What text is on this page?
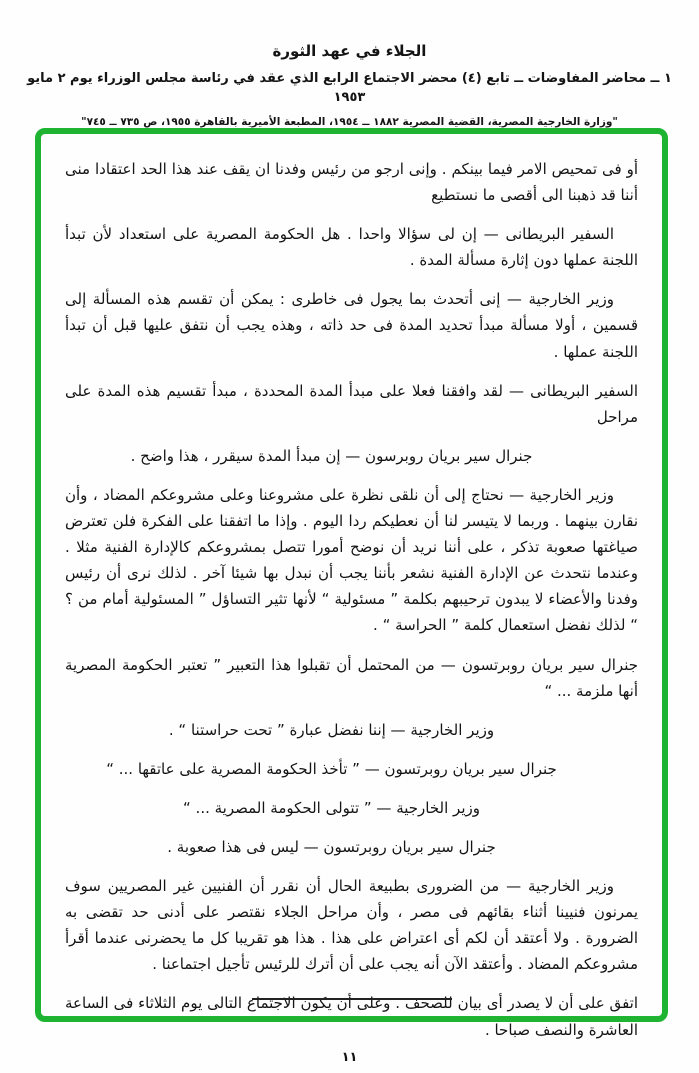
الجلاء في عهد الثورة
١ ــ محاضر المفاوضات ــ تابع (٤) محضر الاجتماع الرابع الذي عقد في رئاسة مجلس الوزراء يوم ٢ مايو ١٩٥٣
"وزارة الخارجية المصرية، القضية المصرية ١٨٨٢ ــ ١٩٥٤، المطبعة الأميرية بالقاهرة ١٩٥٥، ص ٧٣٥ ــ ٧٤٥"

أو فى تمحيص الامر فيما بينكم . وإنى ارجو من رئيس وفدنا ان يقف عند هذا الحد اعتقادا منى أننا قد ذهبنا الى أقصى ما نستطيع

السفير البريطانى — إن لى سؤالا واحدا . هل الحكومة المصرية على استعداد لأن تبدأ اللجنة عملها دون إثارة مسألة المدة .

وزير الخارجية — إنى أتحدث بما يجول فى خاطرى : يمكن أن تقسم هذه المسألة إلى قسمين ، أولا مسألة مبدأ تحديد المدة فى حد ذاته ، وهذه يجب أن نتفق عليها قبل أن تبدأ اللجنة عملها .

السفير البريطانى — لقد وافقنا فعلا على مبدأ المدة المحددة ، مبدأ تقسيم هذه المدة على مراحل

جنرال سير بريان روبرسون — إن مبدأ المدة سيقرر ، هذا واضح .

وزير الخارجية — نحتاج إلى أن نلقى نظرة على مشروعنا وعلى مشروعكم المضاد ، وأن نقارن بينهما . وربما لا يتيسر لنا أن نعطيكم ردا اليوم . وإذا ما اتفقنا على الفكرة فلن تعترض صياغتها صعوبة تذكر ، على أننا نريد أن نوضح أمورا تتصل بمشروعكم كالإدارة الفنية مثلا . وعندما نتحدث عن الإدارة الفنية نشعر بأننا يجب أن نبدل بها شيئا آخر . لذلك نرى أن رئيس وفدنا والأعضاء لا يبدون ترحيبهم بكلمة ” مسئولية “ لأنها تثير التساؤل ” المسئولية أمام من ؟ “ لذلك نفضل استعمال كلمة ” الحراسة “ .

جنرال سير بريان روبرتسون — من المحتمل أن تقبلوا هذا التعبير ” تعتبر الحكومة المصرية أنها ملزمة ... “

وزير الخارجية — إننا نفضل عبارة ” تحت حراستنا “ .

جنرال سير بريان روبرتسون — ” تأخذ الحكومة المصرية على عاتقها ... “

وزير الخارجية — ” تتولى الحكومة المصرية ... “

جنرال سير بريان روبرتسون — ليس فى هذا صعوبة .

وزير الخارجية — من الضرورى بطبيعة الحال أن نقرر أن الفنيين غير المصريين سوف يمرنون فنيينا أثناء بقائهم فى مصر ، وأن مراحل الجلاء نقتصر على أدنى حد تقضى به الضرورة . ولا أعتقد أن لكم أى اعتراض على هذا . هذا هو تقريبا كل ما يحضرنى عندما أقرأ مشروعكم المضاد . وأعتقد الآن أنه يجب على أن أترك للرئيس تأجيل اجتماعنا .

اتفق على أن لا يصدر أى بيان للصحف . وعلى أن يكون الاجتماع التالى يوم الثلاثاء فى الساعة العاشرة والنصف صباحا .

١١
